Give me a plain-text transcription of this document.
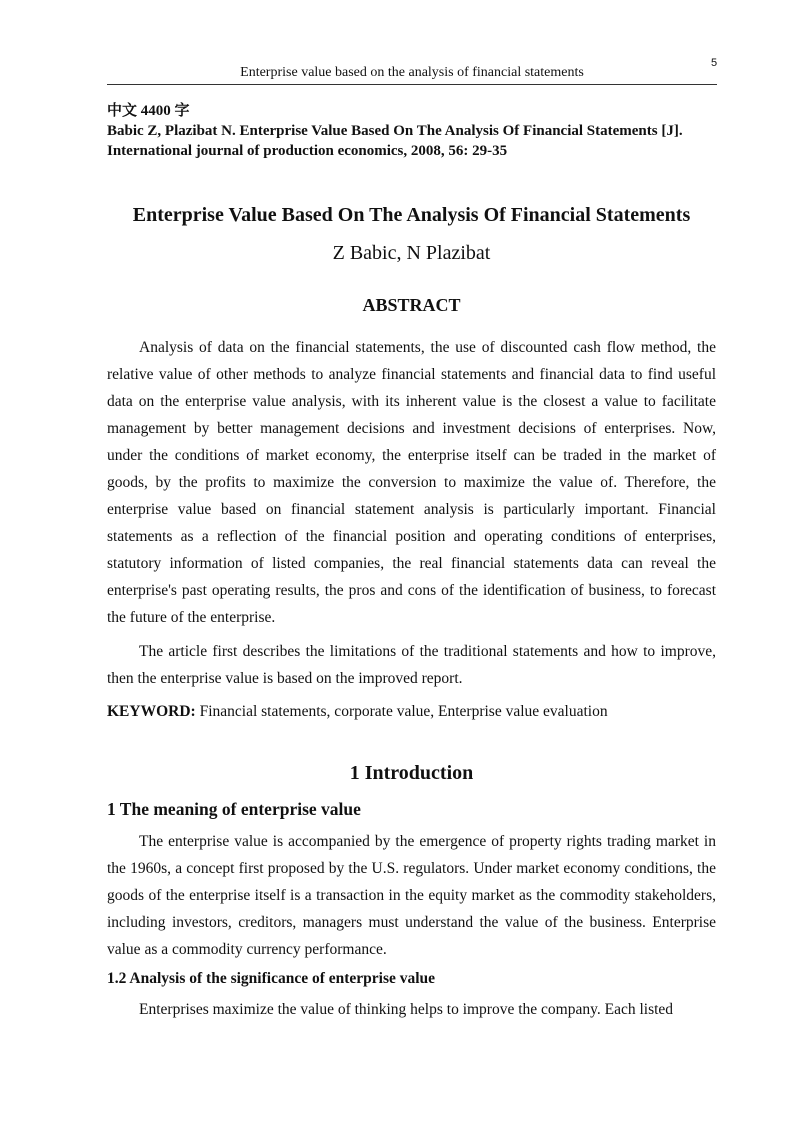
5
Enterprise value based on the analysis of financial statements

中文 4400 字

Babic Z, Plazibat N. Enterprise Value Based On The Analysis Of Financial Statements [J]. International journal of production economics, 2008, 56: 29-35

Enterprise Value Based On The Analysis Of Financial Statements
Z Babic, N Plazibat
ABSTRACT

Analysis of data on the financial statements, the use of discounted cash flow method, the relative value of other methods to analyze financial statements and financial data to find useful data on the enterprise value analysis, with its inherent value is the closest a value to facilitate management by better management decisions and investment decisions of enterprises. Now, under the conditions of market economy, the enterprise itself can be traded in the market of goods, by the profits to maximize the conversion to maximize the value of. Therefore, the enterprise value based on financial statement analysis is particularly important. Financial statements as a reflection of the financial position and operating conditions of enterprises, statutory information of listed companies, the real financial statements data can reveal the enterprise's past operating results, the pros and cons of the identification of business, to forecast the future of the enterprise.

The article first describes the limitations of the traditional statements and how to improve, then the enterprise value is based on the improved report.

KEYWORD: Financial statements, corporate value, Enterprise value evaluation

1 Introduction
1 The meaning of enterprise value

The enterprise value is accompanied by the emergence of property rights trading market in the 1960s, a concept first proposed by the U.S. regulators. Under market economy conditions, the goods of the enterprise itself is a transaction in the equity market as the commodity stakeholders, including investors, creditors, managers must understand the value of the business. Enterprise value as a commodity currency performance.

1.2 Analysis of the significance of enterprise value

Enterprises maximize the value of thinking helps to improve the company. Each listed
